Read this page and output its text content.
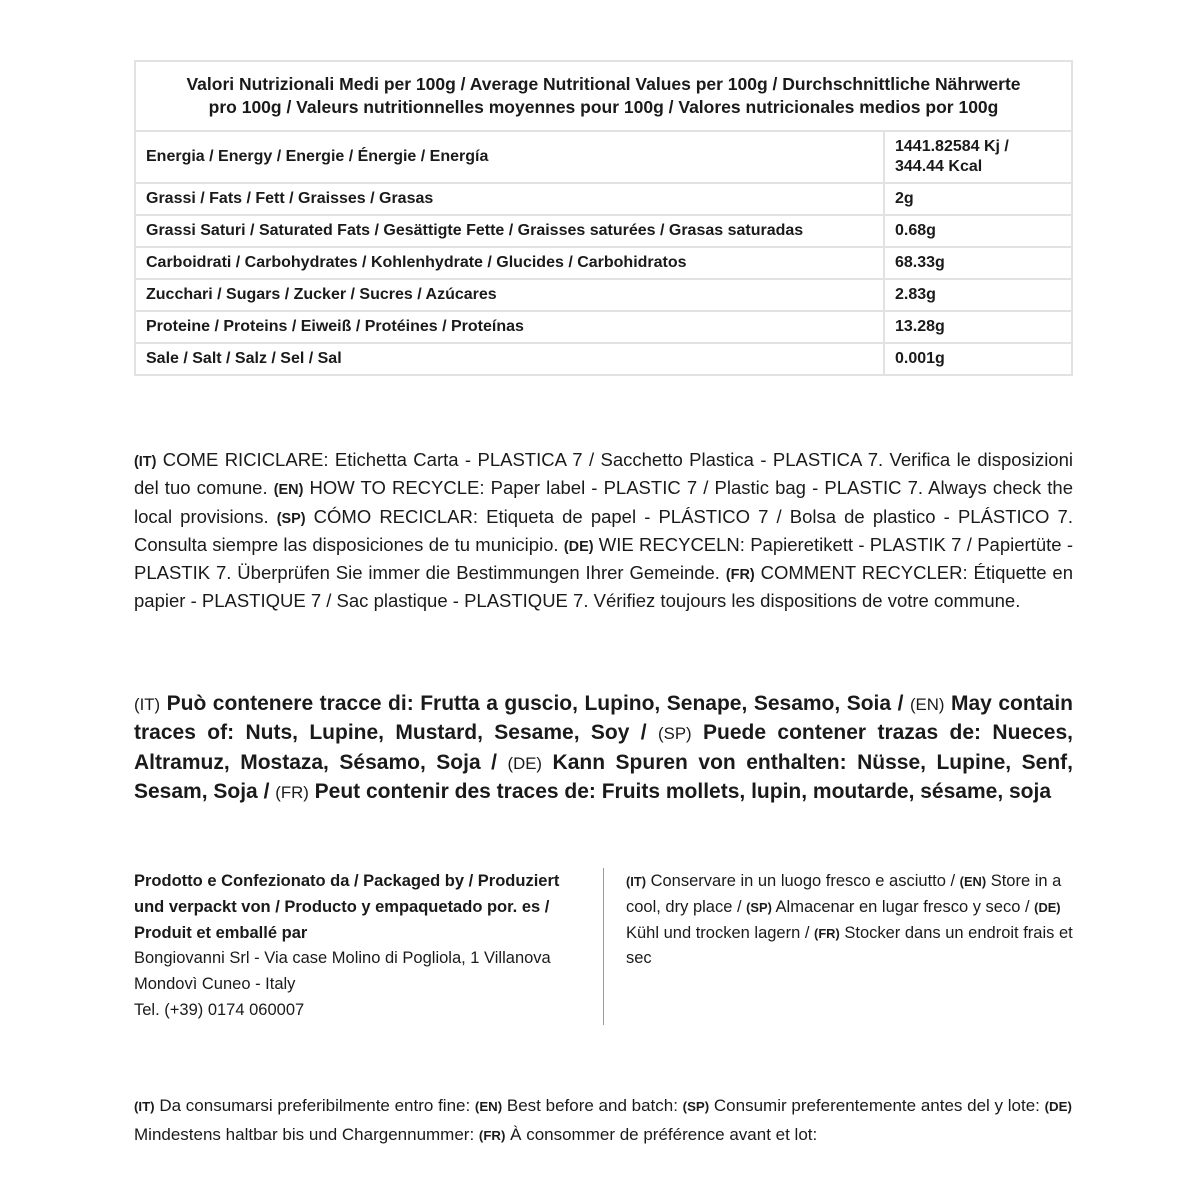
Valori Nutrizionali Medi per 100g / Average Nutritional Values per 100g / Durchschnittliche Nährwerte
pro 100g / Valeurs nutritionnelles moyennes pour 100g / Valores nutricionales medios por 100g	
Energia / Energy / Energie / Énergie / Energía	1441.82584 Kj /
344.44 Kcal
Grassi / Fats / Fett / Graisses / Grasas	2g
Grassi Saturi / Saturated Fats / Gesättigte Fette / Graisses saturées / Grasas saturadas	0.68g
Carboidrati / Carbohydrates / Kohlenhydrate / Glucides / Carbohidratos	68.33g
Zucchari / Sugars / Zucker / Sucres / Azúcares	2.83g
Proteine / Proteins / Eiweiß / Protéines / Proteínas	13.28g
Sale / Salt / Salz / Sel / Sal	0.001g

(IT) COME RICICLARE: Etichetta Carta - PLASTICA 7 / Sacchetto Plastica - PLASTICA 7. Verifica le disposizioni del tuo comune. (EN) HOW TO RECYCLE: Paper label - PLASTIC 7 / Plastic bag - PLASTIC 7. Always check the local provisions. (SP) CÓMO RECICLAR: Etiqueta de papel - PLÁSTICO 7 / Bolsa de plastico - PLÁSTICO 7. Consulta siempre las disposiciones de tu municipio. (DE) WIE RECYCELN: Papieretikett - PLASTIK 7 / Papiertüte - PLASTIK 7. Überprüfen Sie immer die Bestimmungen Ihrer Gemeinde. (FR) COMMENT RECYCLER: Étiquette en papier - PLASTIQUE 7 / Sac plastique - PLASTIQUE 7. Vérifiez toujours les dispositions de votre commune.

(IT) Può contenere tracce di: Frutta a guscio, Lupino, Senape, Sesamo, Soia / (EN) May contain traces of: Nuts, Lupine, Mustard, Sesame, Soy / (SP) Puede contener trazas de: Nueces, Altramuz, Mostaza, Sésamo, Soja / (DE) Kann Spuren von enthalten: Nüsse, Lupine, Senf, Sesam, Soja / (FR) Peut contenir des traces de: Fruits mollets, lupin, moutarde, sésame, soja

Prodotto e Confezionato da / Packaged by / Produziert und verpackt von / Producto y empaquetado por. es / Produit et emballé par
Bongiovanni Srl - Via case Molino di Pogliola, 1 Villanova
Mondovì Cuneo - Italy
Tel. (+39) 0174 060007

(IT) Conservare in un luogo fresco e asciutto / (EN) Store in a cool, dry place / (SP) Almacenar en lugar fresco y seco / (DE) Kühl und trocken lagern / (FR) Stocker dans un endroit frais et sec

(IT) Da consumarsi preferibilmente entro fine: (EN) Best before and batch: (SP) Consumir preferentemente antes del y lote: (DE) Mindestens haltbar bis und Chargennummer: (FR) À consommer de préférence avant et lot:
